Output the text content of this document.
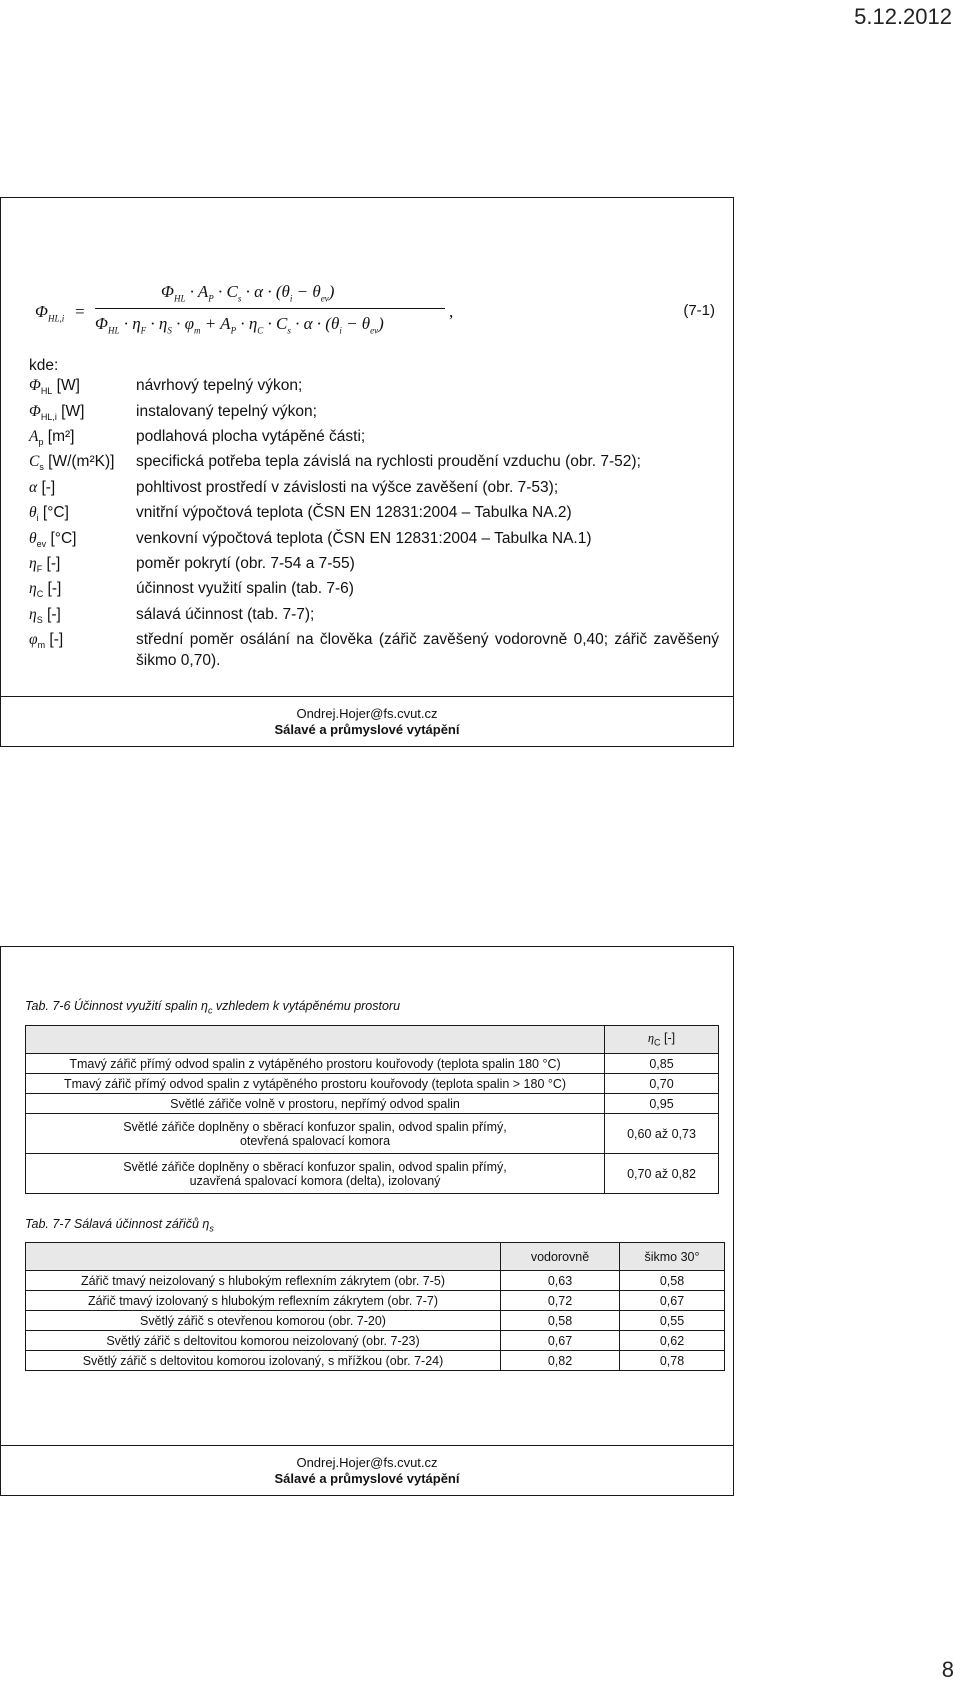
5.12.2012
$\Phi_{HL,i}$ =
$\Phi_{HL} \cdot A_P \cdot C_s \cdot \alpha \cdot (\theta_i - \theta_{ev})$
$\Phi_{HL} \cdot \eta_F \cdot \eta_S \cdot \varphi_m + A_P \cdot \eta_C \cdot C_s \cdot \alpha \cdot (\theta_i - \theta_{ev})$
,	(7-1)
kde:
$\Phi_{HL}$ [W]	návrhový tepelný výkon;
$\Phi_{HL,i}$ [W]	instalovaný tepelný výkon;
$A_p$ [m²]	podlahová plocha vytápěné části;
$C_s$ [W/(m²K)]	specifická potřeba tepla závislá na rychlosti proudění vzduchu (obr. 7-52);
α [-]	pohltivost prostředí v závislosti na výšce zavěšení (obr. 7-53);
$\theta_i$ [°C]	vnitřní výpočtová teplota (ČSN EN 12831:2004 – Tabulka NA.2)
$\theta_{ev}$ [°C]	venkovní výpočtová teplota (ČSN EN 12831:2004 – Tabulka NA.1)
$\eta_F$ [-]	poměr pokrytí (obr. 7-54 a 7-55)
$\eta_C$ [-]	účinnost využití spalin (tab. 7-6)
$\eta_S$ [-]	sálavá účinnost (tab. 7-7);
$\varphi_m$ [-]	střední poměr osálání na člověka (zářič zavěšený vodorovně 0,40; zářič zavěšený šikmo 0,70).
Ondrej.Hojer@fs.cvut.cz
Sálavé a průmyslové vytápění
Tab. 7-6 Účinnost využití spalin $\eta_c$ vzhledem k vytápěnému prostoru
	$\eta_C$ [-]
Tmavý zářič přímý odvod spalin z vytápěného prostoru kouřovody (teplota spalin 180 °C)	0,85
Tmavý zářič přímý odvod spalin z vytápěného prostoru kouřovody (teplota spalin > 180 °C)	0,70
Světlé zářiče volně v prostoru, nepřímý odvod spalin	0,95
Světlé zářiče doplněny o sběrací konfuzor spalin, odvod spalin přímý, otevřená spalovací komora	0,60 až 0,73
Světlé zářiče doplněny o sběrací konfuzor spalin, odvod spalin přímý, uzavřená spalovací komora (delta), izolovaný	0,70 až 0,82
Tab. 7-7 Sálavá účinnost zářičů $\eta_s$
	vodorovně	šikmo 30°
Zářič tmavý neizolovaný s hlubokým reflexním zákrytem (obr. 7-5)	0,63	0,58
Zářič tmavý izolovaný s hlubokým reflexním zákrytem (obr. 7-7)	0,72	0,67
Světlý zářič s otevřenou komorou (obr. 7-20)	0,58	0,55
Světlý zářič s deltovitou komorou neizolovaný (obr. 7-23)	0,67	0,62
Světlý zářič s deltovitou komorou izolovaný, s mřížkou (obr. 7-24)	0,82	0,78
Ondrej.Hojer@fs.cvut.cz
Sálavé a průmyslové vytápění
8
